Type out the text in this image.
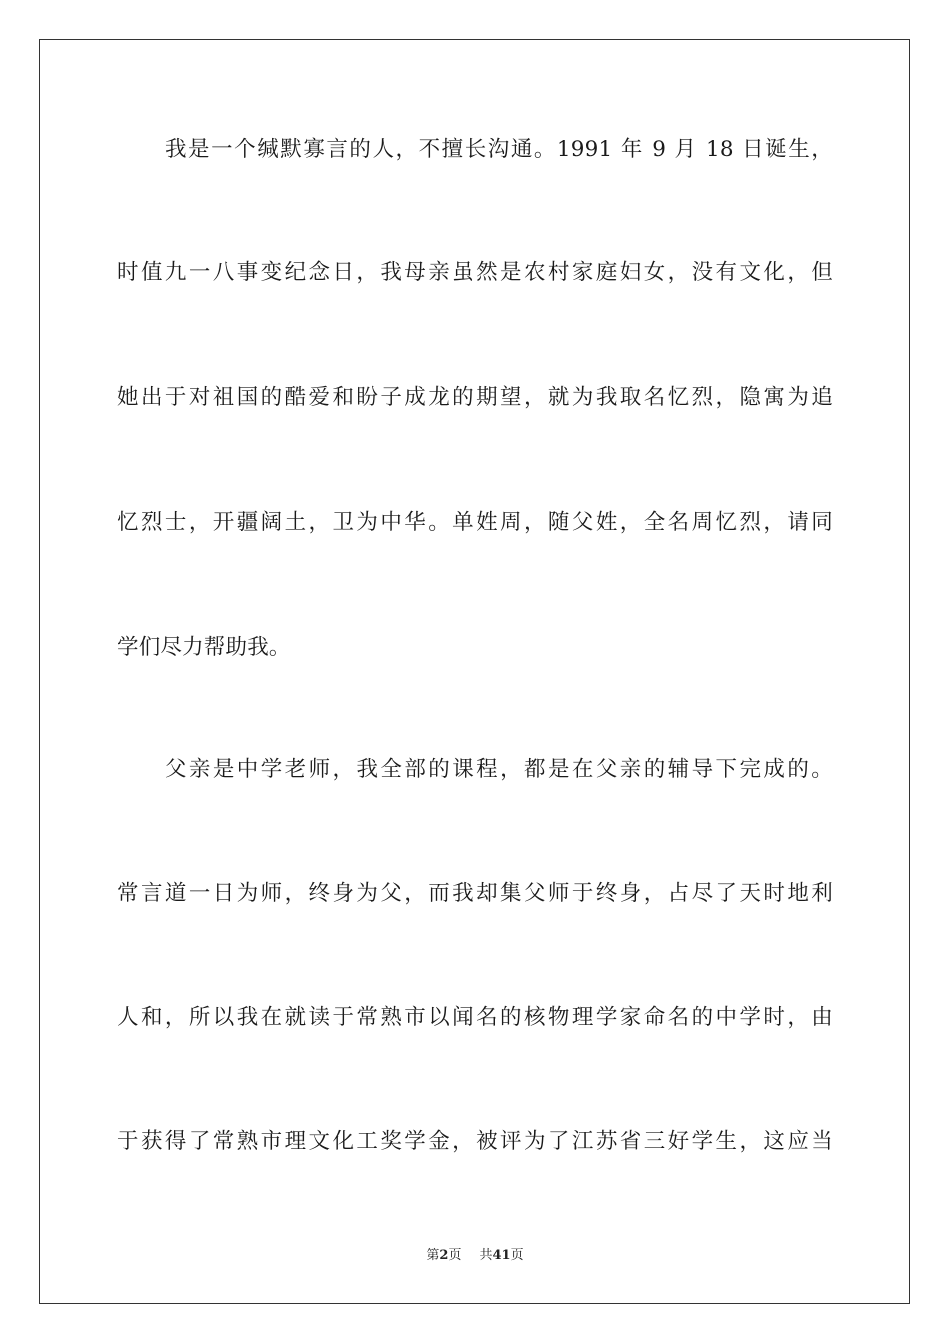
我是一个缄默寡言的人，不擅长沟通。1991 年 9 月 18 日诞生，
时值九一八事变纪念日，我母亲虽然是农村家庭妇女，没有文化，但
她出于对祖国的酷爱和盼子成龙的期望，就为我取名忆烈，隐寓为追
忆烈士，开疆阔土，卫为中华。单姓周，随父姓，全名周忆烈，请同
学们尽力帮助我。
父亲是中学老师，我全部的课程，都是在父亲的辅导下完成的。
常言道一日为师，终身为父，而我却集父师于终身，占尽了天时地利
人和，所以我在就读于常熟市以闻名的核物理学家命名的中学时，由
于获得了常熟市理文化工奖学金，被评为了江苏省三好学生，这应当
第2页 共41页
